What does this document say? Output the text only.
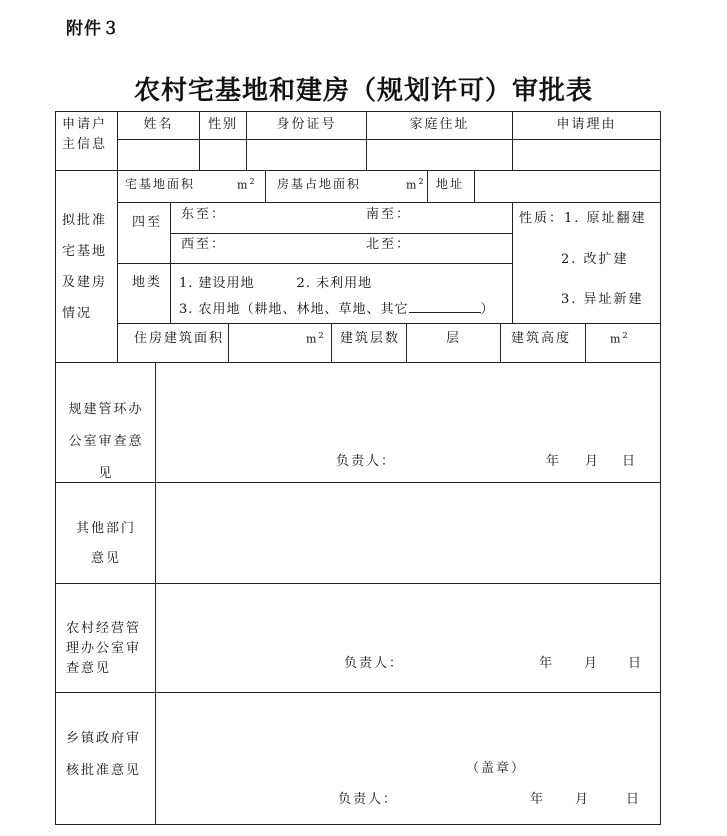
附件３
农村宅基地和建房（规划许可）审批表
申请户主信息
姓名	性别	身份证号	家庭住址	申请理由
拟批准宅基地及建房情况
宅基地面积	$m^2$ 房基占地面积	$m^2$ 地址
四至
东至：	南至：
西至：	北至：
性质：1. 原址翻建
2. 改扩建
3. 异址新建
地类 1. 建设用地　　　2. 未利用地
3. 农用地（耕地、林地、草地、其它	）
住房建筑面积	$m^2$ 建筑层数	层	建筑高度	$m^2$
规建管环办公室审查意见
负责人：	年 月 日
其他部门意见
农村经营管理办公室审查意见	负责人：	年 月 日
乡镇政府审核批准意见	（盖章）
负责人：	年 月	日
